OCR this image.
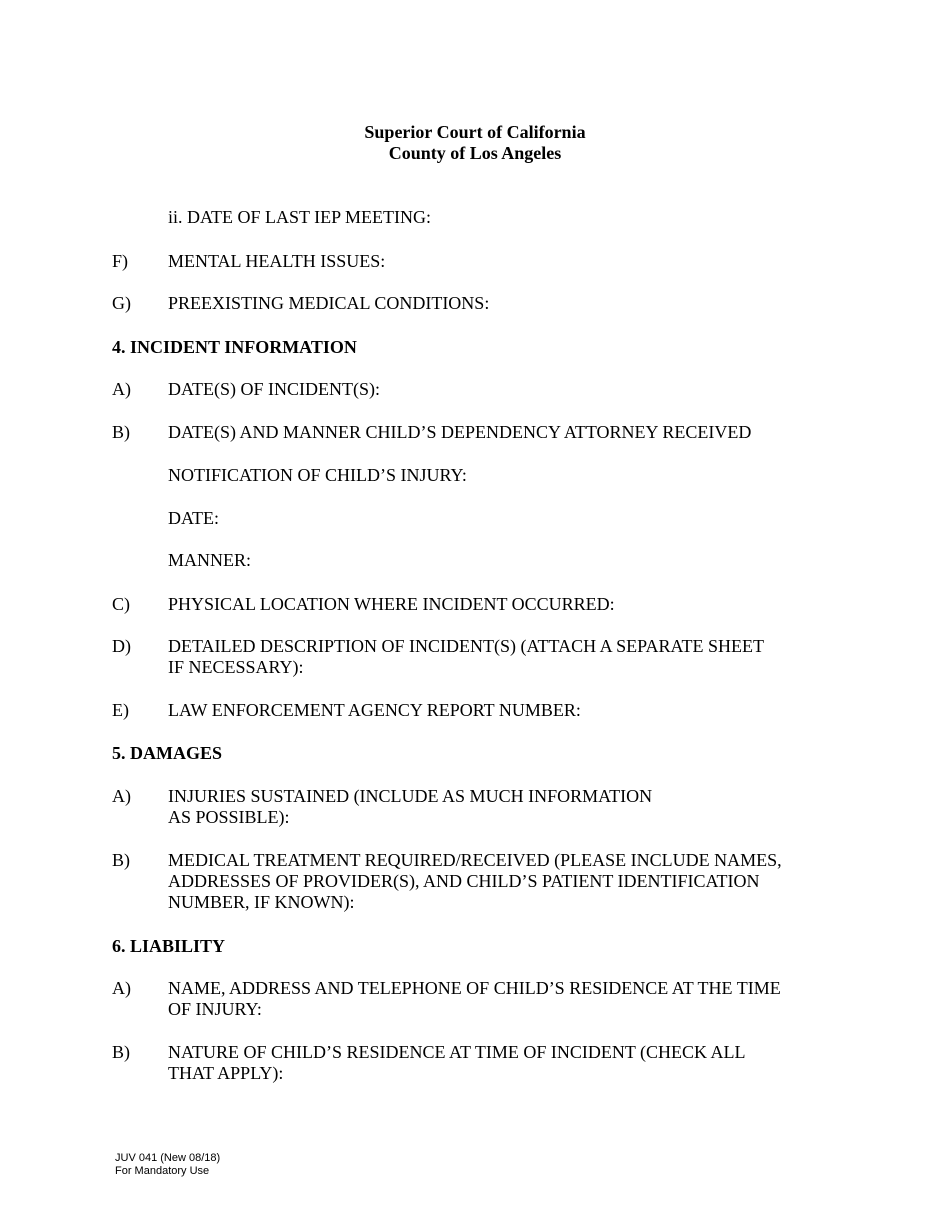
Superior Court of California
County of Los Angeles
ii. DATE OF LAST IEP MEETING:
F) MENTAL HEALTH ISSUES:
G) PREEXISTING MEDICAL CONDITIONS:
4. INCIDENT INFORMATION
A) DATE(S) OF INCIDENT(S):
B) DATE(S) AND MANNER CHILD’S DEPENDENCY ATTORNEY RECEIVED
NOTIFICATION OF CHILD’S INJURY:
DATE:
MANNER:
C) PHYSICAL LOCATION WHERE INCIDENT OCCURRED:
D) DETAILED DESCRIPTION OF INCIDENT(S) (ATTACH A SEPARATE SHEET
IF NECESSARY):
E) LAW ENFORCEMENT AGENCY REPORT NUMBER:
5. DAMAGES
A) INJURIES SUSTAINED (INCLUDE AS MUCH INFORMATION
AS POSSIBLE):
B) MEDICAL TREATMENT REQUIRED/RECEIVED (PLEASE INCLUDE NAMES,
ADDRESSES OF PROVIDER(S), AND CHILD’S PATIENT IDENTIFICATION
NUMBER, IF KNOWN):
6. LIABILITY
A) NAME, ADDRESS AND TELEPHONE OF CHILD’S RESIDENCE AT THE TIME
OF INJURY:
B) NATURE OF CHILD’S RESIDENCE AT TIME OF INCIDENT (CHECK ALL
THAT APPLY):
JUV 041 (New 08/18)
For Mandatory Use
